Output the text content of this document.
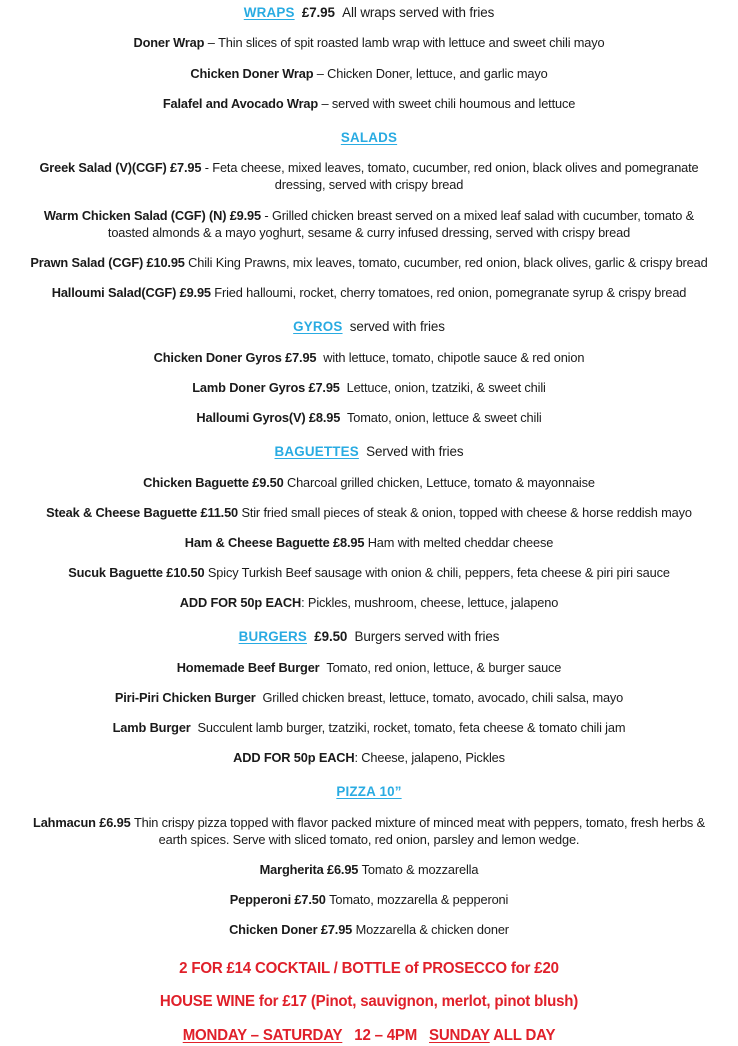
WRAPS £7.95 All wraps served with fries
Doner Wrap – Thin slices of spit roasted lamb wrap with lettuce and sweet chili mayo
Chicken Doner Wrap – Chicken Doner, lettuce, and garlic mayo
Falafel and Avocado Wrap – served with sweet chili houmous and lettuce
SALADS
Greek Salad (V)(CGF) £7.95 - Feta cheese, mixed leaves, tomato, cucumber, red onion, black olives and pomegranate dressing, served with crispy bread
Warm Chicken Salad (CGF) (N) £9.95 - Grilled chicken breast served on a mixed leaf salad with cucumber, tomato & toasted almonds & a mayo yoghurt, sesame & curry infused dressing, served with crispy bread
Prawn Salad (CGF) £10.95 Chili King Prawns, mix leaves, tomato, cucumber, red onion, black olives, garlic & crispy bread
Halloumi Salad(CGF) £9.95 Fried halloumi, rocket, cherry tomatoes, red onion, pomegranate syrup & crispy bread
GYROS served with fries
Chicken Doner Gyros £7.95 with lettuce, tomato, chipotle sauce & red onion
Lamb Doner Gyros £7.95 Lettuce, onion, tzatziki, & sweet chili
Halloumi Gyros(V) £8.95 Tomato, onion, lettuce & sweet chili
BAGUETTES Served with fries
Chicken Baguette £9.50 Charcoal grilled chicken, Lettuce, tomato & mayonnaise
Steak & Cheese Baguette £11.50 Stir fried small pieces of steak & onion, topped with cheese & horse reddish mayo
Ham & Cheese Baguette £8.95 Ham with melted cheddar cheese
Sucuk Baguette £10.50 Spicy Turkish Beef sausage with onion & chili, peppers, feta cheese & piri piri sauce
ADD FOR 50p EACH: Pickles, mushroom, cheese, lettuce, jalapeno
BURGERS £9.50 Burgers served with fries
Homemade Beef Burger Tomato, red onion, lettuce, & burger sauce
Piri-Piri Chicken Burger Grilled chicken breast, lettuce, tomato, avocado, chili salsa, mayo
Lamb Burger Succulent lamb burger, tzatziki, rocket, tomato, feta cheese & tomato chili jam
ADD FOR 50p EACH: Cheese, jalapeno, Pickles
PIZZA 10”
Lahmacun £6.95 Thin crispy pizza topped with flavor packed mixture of minced meat with peppers, tomato, fresh herbs & earth spices. Serve with sliced tomato, red onion, parsley and lemon wedge.
Margherita £6.95 Tomato & mozzarella
Pepperoni £7.50 Tomato, mozzarella & pepperoni
Chicken Doner £7.95 Mozzarella & chicken doner
2 FOR £14 COCKTAIL / BOTTLE of PROSECCO for £20
HOUSE WINE for £17 (Pinot, sauvignon, merlot, pinot blush)
MONDAY – SATURDAY   12 – 4PM   SUNDAY ALL DAY
